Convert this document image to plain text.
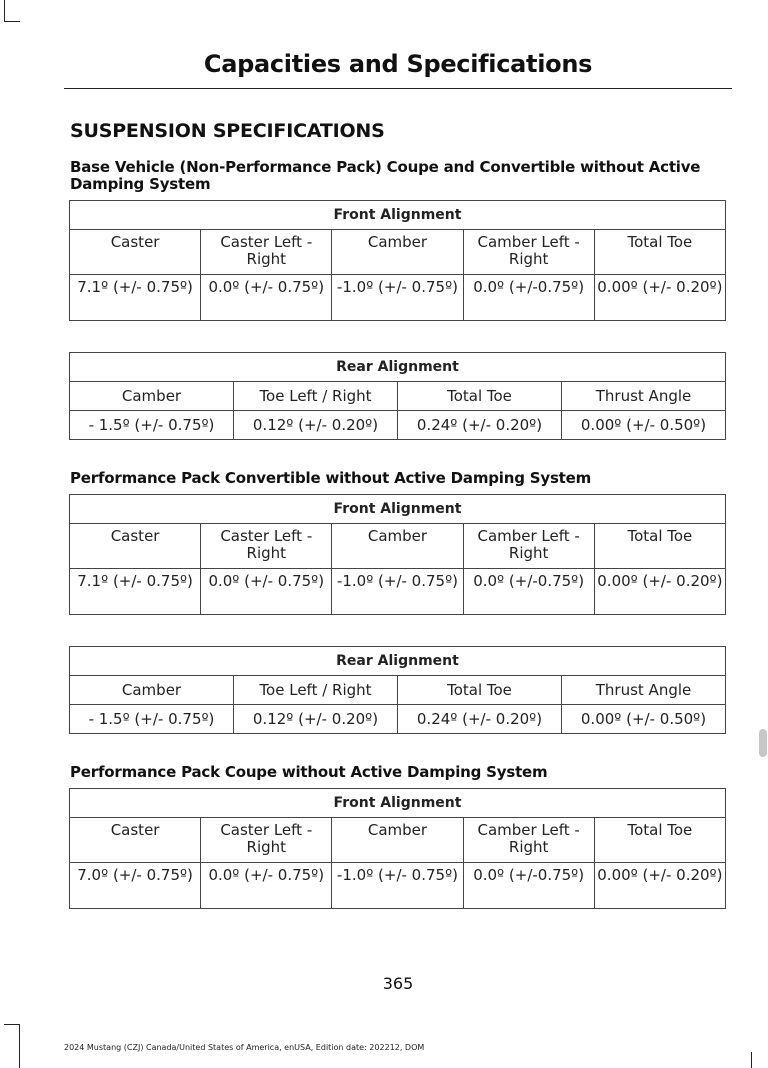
Capacities and Specifications
SUSPENSION SPECIFICATIONS
Base Vehicle (Non-Performance Pack) Coupe and Convertible without Active Damping System
Front Alignment				
Caster	Caster Left - Right	Camber	Camber Left - Right	Total Toe
7.1º (+/- 0.75º)	0.0º (+/- 0.75º)	-1.0º (+/- 0.75º)	0.0º (+/-0.75º)	0.00º (+/- 0.20º)
Rear Alignment			
Camber	Toe Left / Right	Total Toe	Thrust Angle
- 1.5º (+/- 0.75º)	0.12º (+/- 0.20º)	0.24º (+/- 0.20º)	0.00º (+/- 0.50º)
Performance Pack Convertible without Active Damping System
Front Alignment				
Caster	Caster Left - Right	Camber	Camber Left - Right	Total Toe
7.1º (+/- 0.75º)	0.0º (+/- 0.75º)	-1.0º (+/- 0.75º)	0.0º (+/-0.75º)	0.00º (+/- 0.20º)
Rear Alignment			
Camber	Toe Left / Right	Total Toe	Thrust Angle
- 1.5º (+/- 0.75º)	0.12º (+/- 0.20º)	0.24º (+/- 0.20º)	0.00º (+/- 0.50º)
Performance Pack Coupe without Active Damping System
Front Alignment				
Caster	Caster Left - Right	Camber	Camber Left - Right	Total Toe
7.0º (+/- 0.75º)	0.0º (+/- 0.75º)	-1.0º (+/- 0.75º)	0.0º (+/-0.75º)	0.00º (+/- 0.20º)
365
2024 Mustang (CZJ) Canada/United States of America, enUSA, Edition date: 202212, DOM
